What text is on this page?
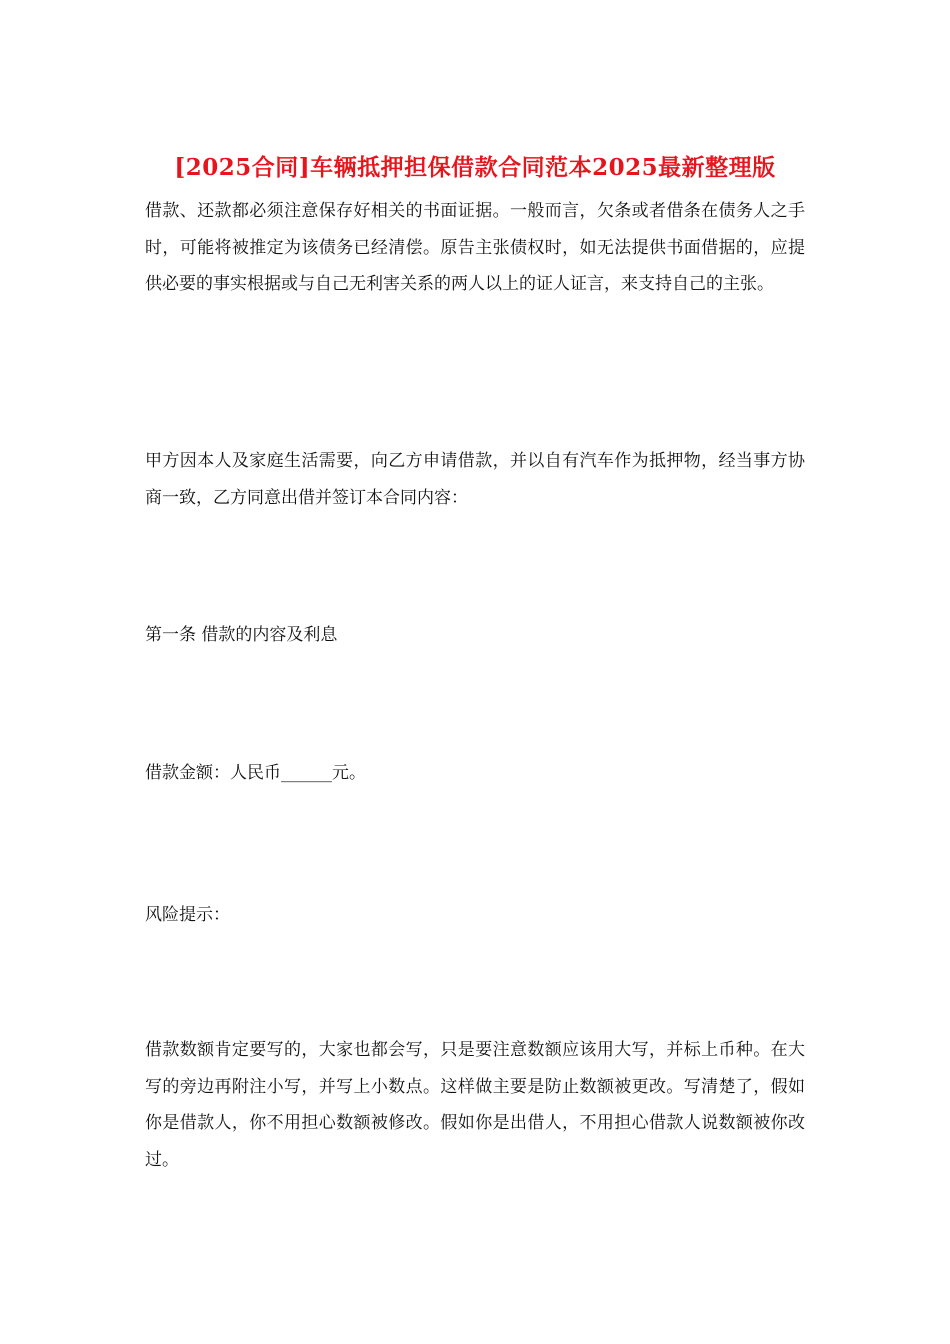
[2025合同]车辆抵押担保借款合同范本2025最新整理版

借款、还款都必须注意保存好相关的书面证据。一般而言，欠条或者借条在债务人之手时，可能将被推定为该债务已经清偿。原告主张债权时，如无法提供书面借据的，应提供必要的事实根据或与自己无利害关系的两人以上的证人证言，来支持自己的主张。

甲方因本人及家庭生活需要，向乙方申请借款，并以自有汽车作为抵押物，经当事方协商一致，乙方同意出借并签订本合同内容：

第一条 借款的内容及利息

借款金额：人民币______元。

风险提示：

借款数额肯定要写的，大家也都会写，只是要注意数额应该用大写，并标上币种。在大写的旁边再附注小写，并写上小数点。这样做主要是防止数额被更改。写清楚了，假如你是借款人，你不用担心数额被修改。假如你是出借人，不用担心借款人说数额被你改过。
